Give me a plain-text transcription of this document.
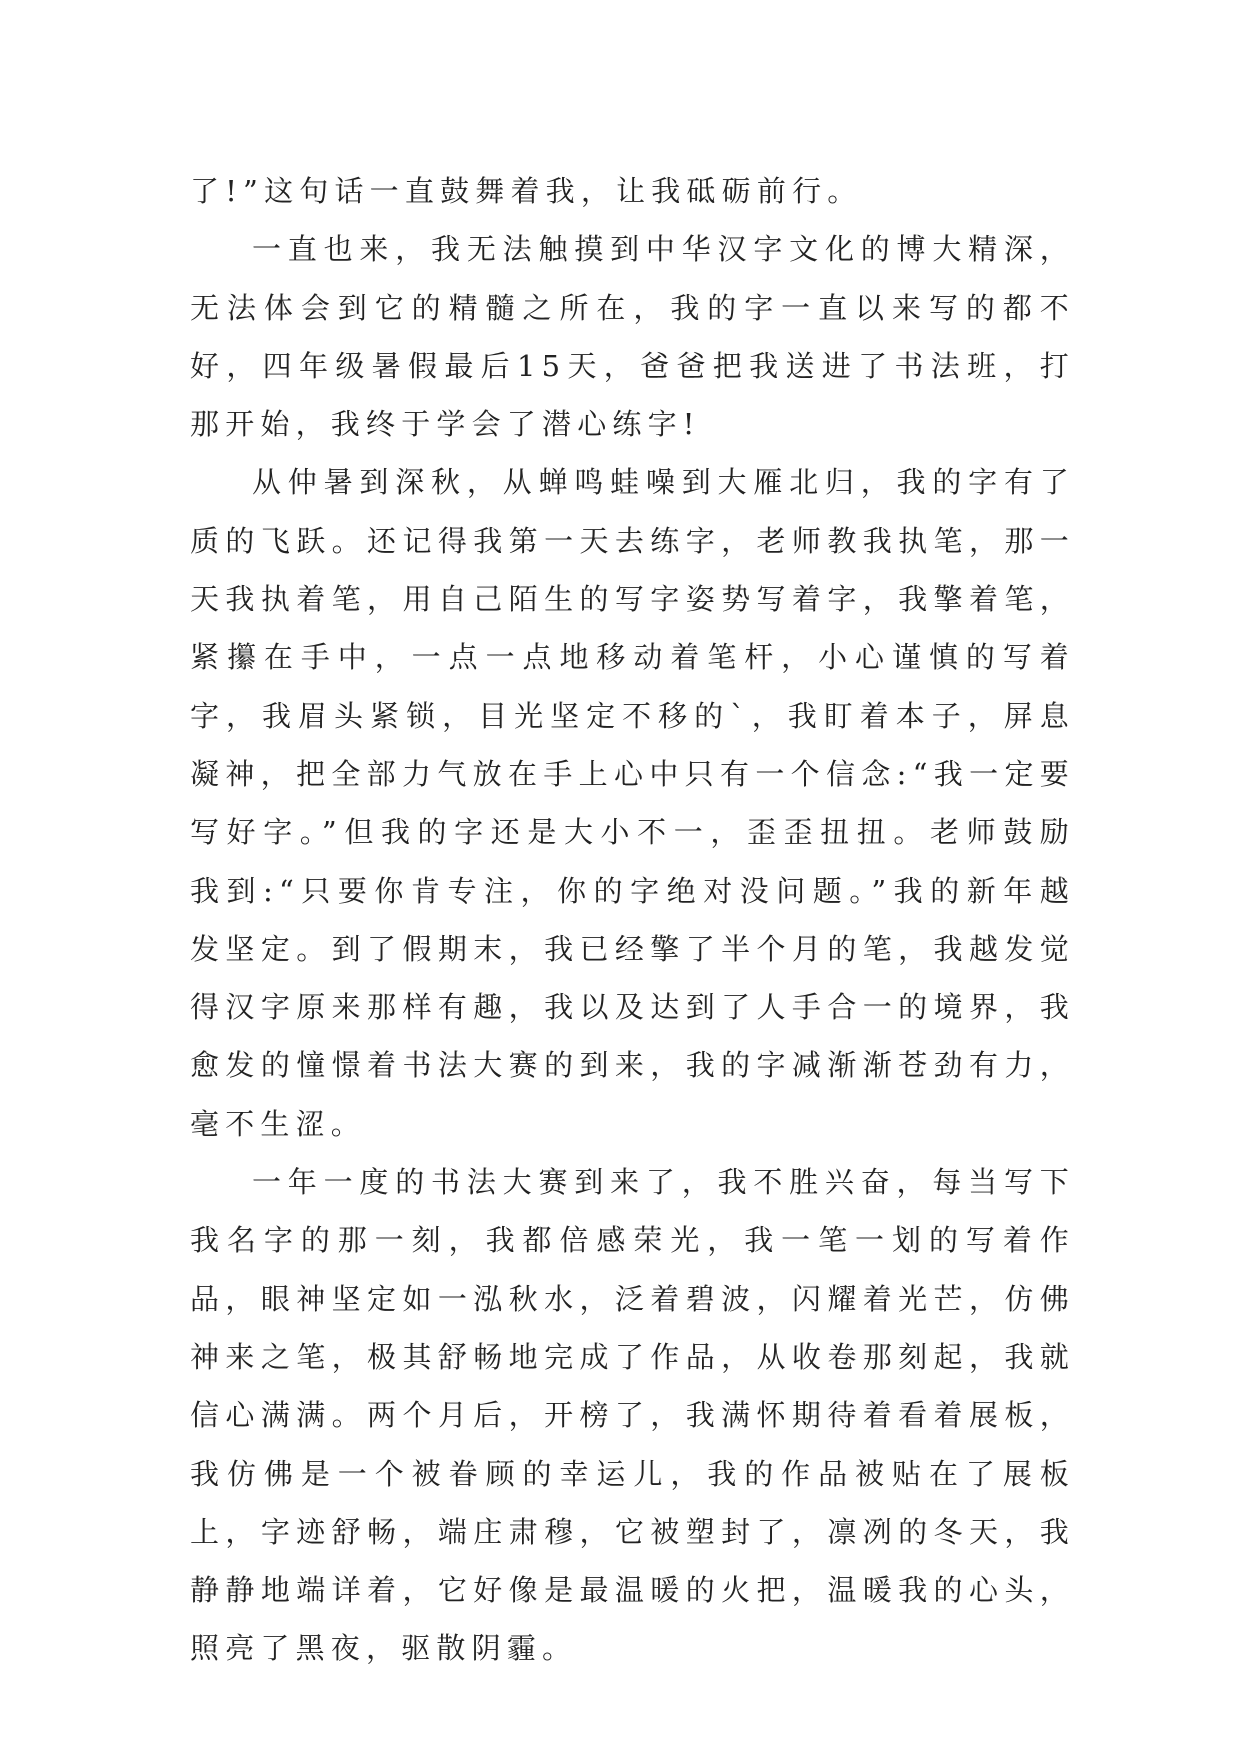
了!”这句话一直鼓舞着我，让我砥砺前行。

一直也来，我无法触摸到中华汉字文化的博大精深，无法体会到它的精髓之所在，我的字一直以来写的都不好，四年级暑假最后15天，爸爸把我送进了书法班，打那开始，我终于学会了潜心练字!

从仲暑到深秋，从蝉鸣蛙噪到大雁北归，我的字有了质的飞跃。还记得我第一天去练字，老师教我执笔，那一天我执着笔，用自己陌生的写字姿势写着字，我擎着笔，紧攥在手中，一点一点地移动着笔杆，小心谨慎的写着字，我眉头紧锁，目光坚定不移的`，我盯着本子，屏息凝神，把全部力气放在手上心中只有一个信念:“我一定要写好字。”但我的字还是大小不一，歪歪扭扭。老师鼓励我到:“只要你肯专注，你的字绝对没问题。”我的新年越发坚定。到了假期末，我已经擎了半个月的笔，我越发觉得汉字原来那样有趣，我以及达到了人手合一的境界，我愈发的憧憬着书法大赛的到来，我的字减渐渐苍劲有力，毫不生涩。

一年一度的书法大赛到来了，我不胜兴奋，每当写下我名字的那一刻，我都倍感荣光，我一笔一划的写着作品，眼神坚定如一泓秋水，泛着碧波，闪耀着光芒，仿佛神来之笔，极其舒畅地完成了作品，从收卷那刻起，我就信心满满。两个月后，开榜了，我满怀期待着看着展板，我仿佛是一个被眷顾的幸运儿，我的作品被贴在了展板上，字迹舒畅，端庄肃穆，它被塑封了，凛冽的冬天，我静静地端详着，它好像是最温暖的火把，温暖我的心头，照亮了黑夜，驱散阴霾。
